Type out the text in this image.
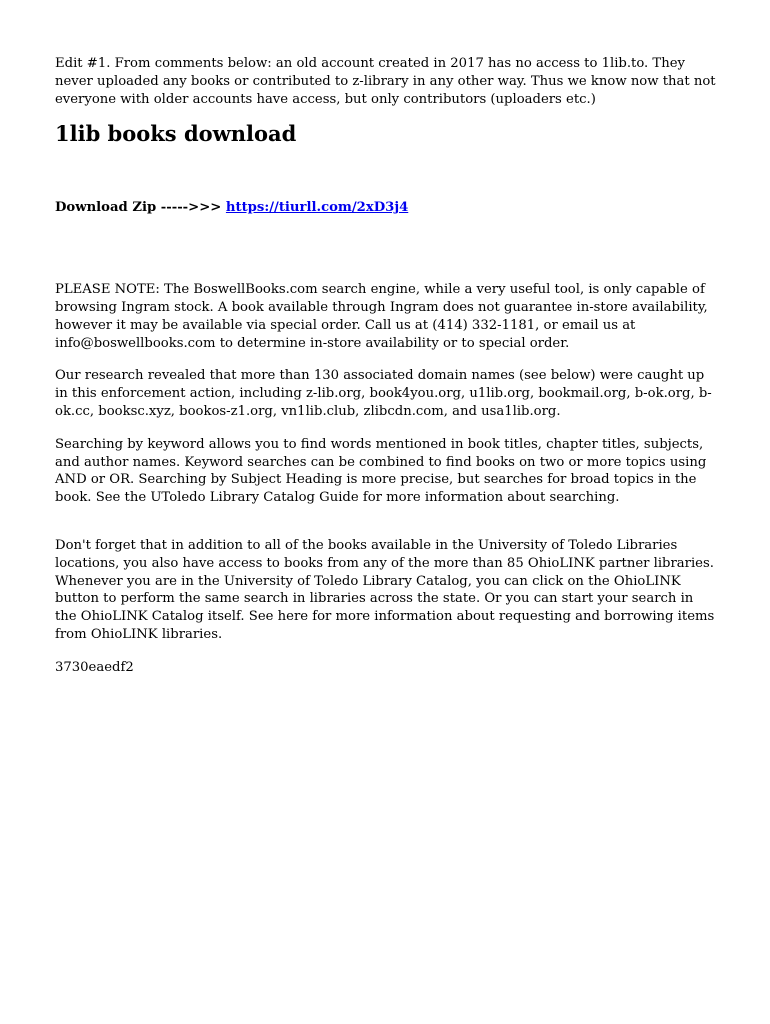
Edit #1. From comments below: an old account created in 2017 has no access to 1lib.to. They never uploaded any books or contributed to z-library in any other way. Thus we know now that not everyone with older accounts have access, but only contributors (uploaders etc.)

1lib books download

Download Zip ----->>> https://tiurll.com/2xD3j4

PLEASE NOTE: The BoswellBooks.com search engine, while a very useful tool, is only capable of browsing Ingram stock. A book available through Ingram does not guarantee in-store availability, however it may be available via special order. Call us at (414) 332-1181, or email us at info@boswellbooks.com to determine in-store availability or to special order.

Our research revealed that more than 130 associated domain names (see below) were caught up in this enforcement action, including z-lib.org, book4you.org, u1lib.org, bookmail.org, b-ok.org, b-ok.cc, booksc.xyz, bookos-z1.org, vn1lib.club, zlibcdn.com, and usa1lib.org.

Searching by keyword allows you to find words mentioned in book titles, chapter titles, subjects, and author names. Keyword searches can be combined to find books on two or more topics using AND or OR. Searching by Subject Heading is more precise, but searches for broad topics in the book. See the UToledo Library Catalog Guide for more information about searching.

Don't forget that in addition to all of the books available in the University of Toledo Libraries locations, you also have access to books from any of the more than 85 OhioLINK partner libraries. Whenever you are in the University of Toledo Library Catalog, you can click on the OhioLINK button to perform the same search in libraries across the state. Or you can start your search in the OhioLINK Catalog itself. See here for more information about requesting and borrowing items from OhioLINK libraries.

3730eaedf2
